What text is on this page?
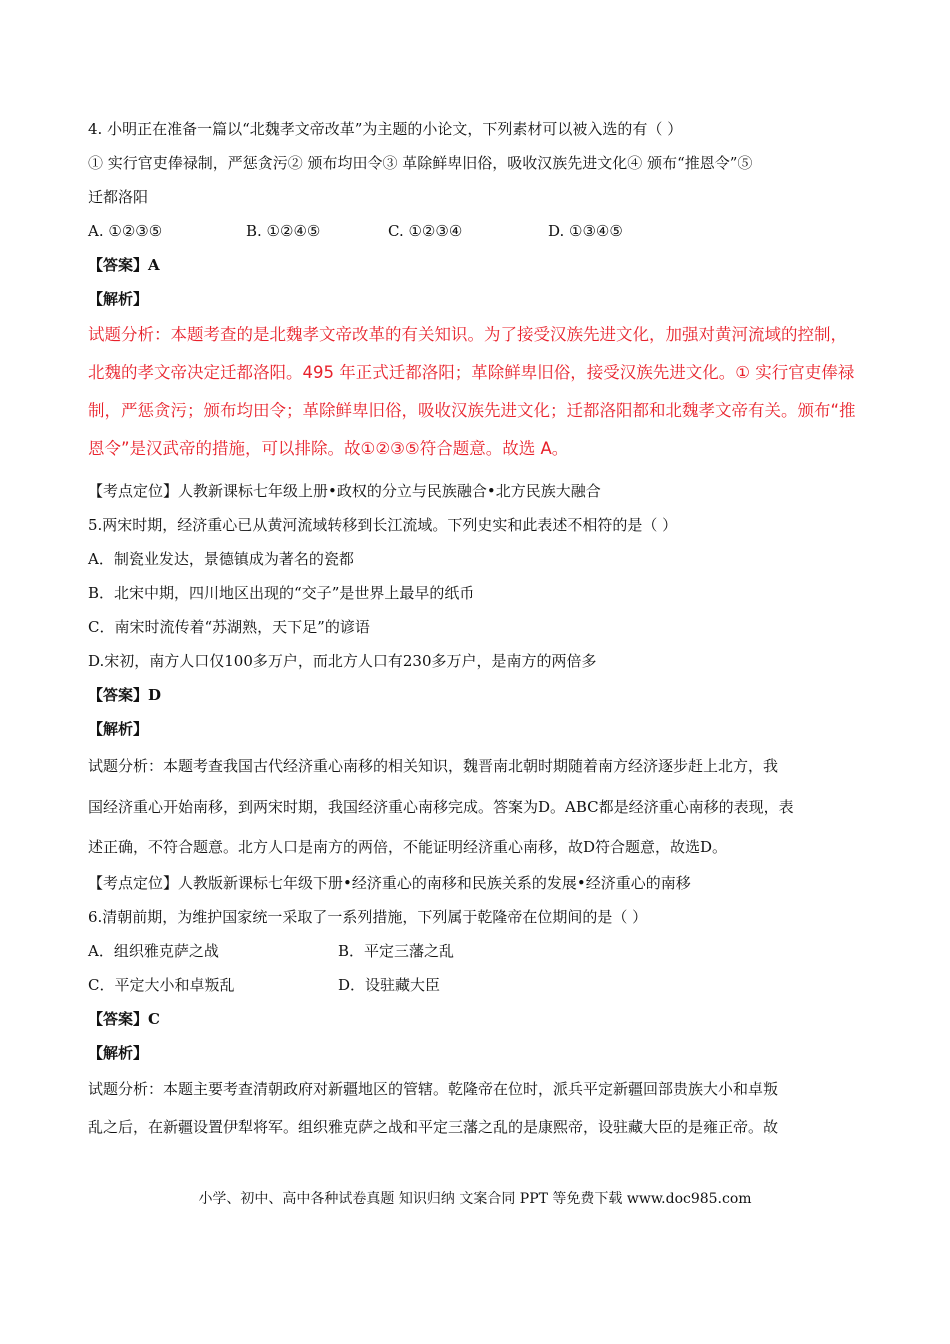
4. 小明正在准备一篇以“北魏孝文帝改革”为主题的小论文，下列素材可以被入选的有（ ）
① 实行官吏俸禄制，严惩贪污② 颁布均田令③ 革除鲜卑旧俗，吸收汉族先进文化④ 颁布“推恩令”⑤
迁都洛阳
A. ①②③⑤	B. ①②④⑤	C. ①②③④	D. ①③④⑤
【答案】A
【解析】
试题分析：本题考查的是北魏孝文帝改革的有关知识。为了接受汉族先进文化，加强对黄河流域的控制，
北魏的孝文帝决定迁都洛阳。495 年正式迁都洛阳；革除鲜卑旧俗，接受汉族先进文化。① 实行官吏俸禄
制，严惩贪污；颁布均田令；革除鲜卑旧俗，吸收汉族先进文化；迁都洛阳都和北魏孝文帝有关。颁布“推
恩令”是汉武帝的措施，可以排除。故①②③⑤符合题意。故选 A。
【考点定位】人教新课标七年级上册•政权的分立与民族融合•北方民族大融合
5.两宋时期，经济重心已从黄河流域转移到长江流域。下列史实和此表述不相符的是（ ）
A．制瓷业发达，景德镇成为著名的瓷都
B．北宋中期，四川地区出现的“交子”是世界上最早的纸币
C．南宋时流传着“苏湖熟，天下足”的谚语
D.宋初，南方人口仅100多万户，而北方人口有230多万户，是南方的两倍多
【答案】D
【解析】
试题分析：本题考查我国古代经济重心南移的相关知识，魏晋南北朝时期随着南方经济逐步赶上北方，我
国经济重心开始南移，到两宋时期，我国经济重心南移完成。答案为D。ABC都是经济重心南移的表现，表
述正确，不符合题意。北方人口是南方的两倍，不能证明经济重心南移，故D符合题意，故选D。
【考点定位】人教版新课标七年级下册•经济重心的南移和民族关系的发展•经济重心的南移
6.清朝前期，为维护国家统一采取了一系列措施，下列属于乾隆帝在位期间的是（ ）
A．组织雅克萨之战	B．平定三藩之乱
C．平定大小和卓叛乱	D．设驻藏大臣
【答案】C
【解析】
试题分析：本题主要考查清朝政府对新疆地区的管辖。乾隆帝在位时，派兵平定新疆回部贵族大小和卓叛
乱之后，在新疆设置伊犁将军。组织雅克萨之战和平定三藩之乱的是康熙帝，设驻藏大臣的是雍正帝。故
小学、初中、高中各种试卷真题 知识归纳 文案合同 PPT 等免费下载 www.doc985.com
